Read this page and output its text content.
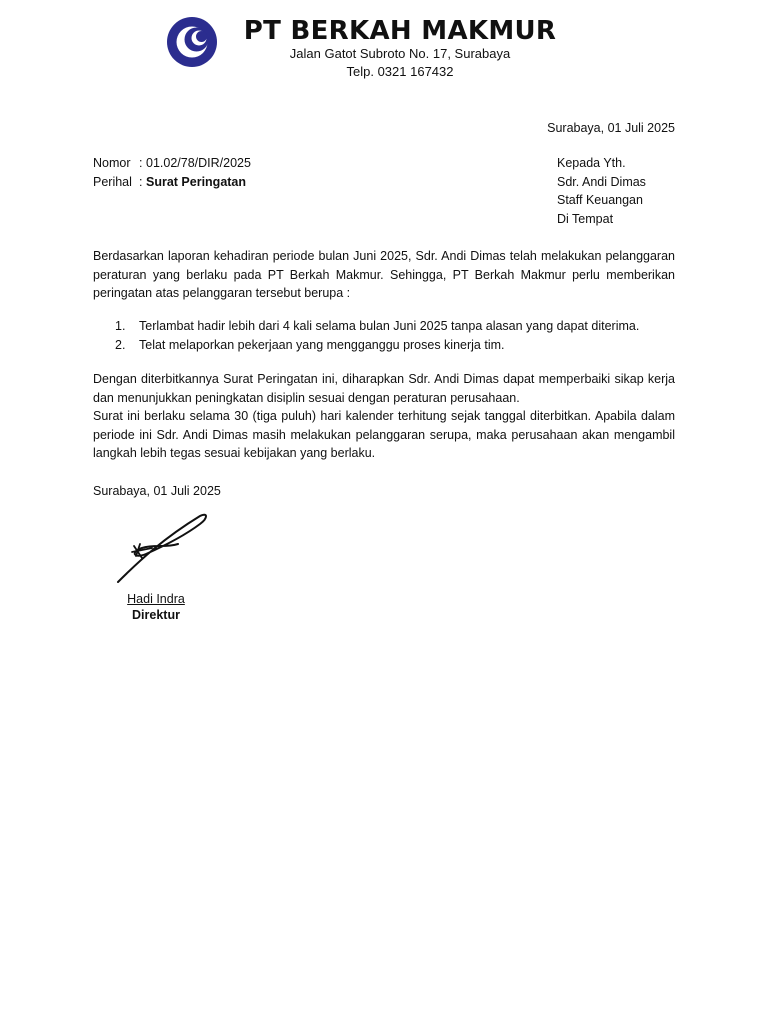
PT BERKAH MAKMUR
Jalan Gatot Subroto No. 17, Surabaya
Telp. 0321 167432
Surabaya, 01 Juli 2025
Nomor : 01.02/78/DIR/2025
Perihal : Surat Peringatan
Kepada Yth.
Sdr. Andi Dimas
Staff Keuangan
Di Tempat
Berdasarkan laporan kehadiran periode bulan Juni 2025, Sdr. Andi Dimas telah melakukan pelanggaran peraturan yang berlaku pada PT Berkah Makmur. Sehingga, PT Berkah Makmur perlu memberikan peringatan atas pelanggaran tersebut berupa :
1. Terlambat hadir lebih dari 4 kali selama bulan Juni 2025 tanpa alasan yang dapat diterima.
2. Telat melaporkan pekerjaan yang mengganggu proses kinerja tim.
Dengan diterbitkannya Surat Peringatan ini, diharapkan Sdr. Andi Dimas dapat memperbaiki sikap kerja dan menunjukkan peningkatan disiplin sesuai dengan peraturan perusahaan.
Surat ini berlaku selama 30 (tiga puluh) hari kalender terhitung sejak tanggal diterbitkan. Apabila dalam periode ini Sdr. Andi Dimas masih melakukan pelanggaran serupa, maka perusahaan akan mengambil langkah lebih tegas sesuai kebijakan yang berlaku.
Surabaya, 01 Juli 2025
Hadi Indra
Direktur
